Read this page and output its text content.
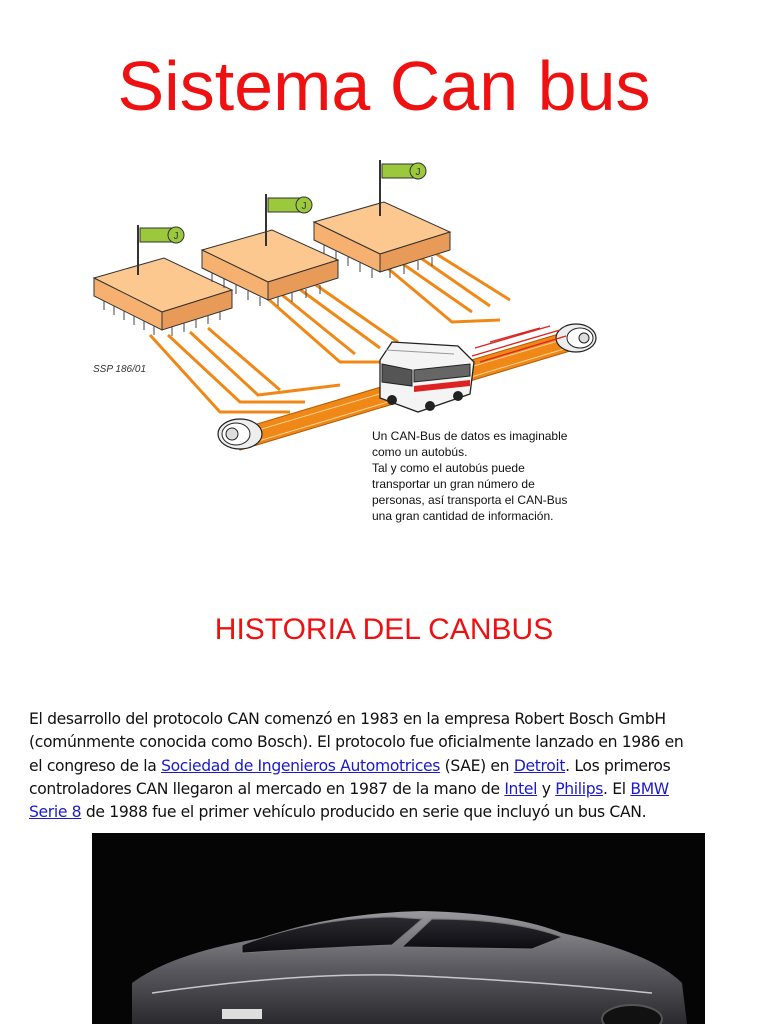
Sistema Can bus
J
J
J
SSP 186/01
Un CAN-Bus de datos es imaginable
como un autobús.
Tal y como el autobús puede
transportar un gran número de
personas, así transporta el CAN-Bus
una gran cantidad de información.
HISTORIA DEL CANBUS
El desarrollo del protocolo CAN comenzó en 1983 en la empresa Robert Bosch GmbH
(comúnmente conocida como Bosch). El protocolo fue oficialmente lanzado en 1986 en
el congreso de la Sociedad de Ingenieros Automotrices (SAE) en Detroit. Los primeros
controladores CAN llegaron al mercado en 1987 de la mano de Intel y Philips. El BMW
Serie 8 de 1988 fue el primer vehículo producido en serie que incluyó un bus CAN.
